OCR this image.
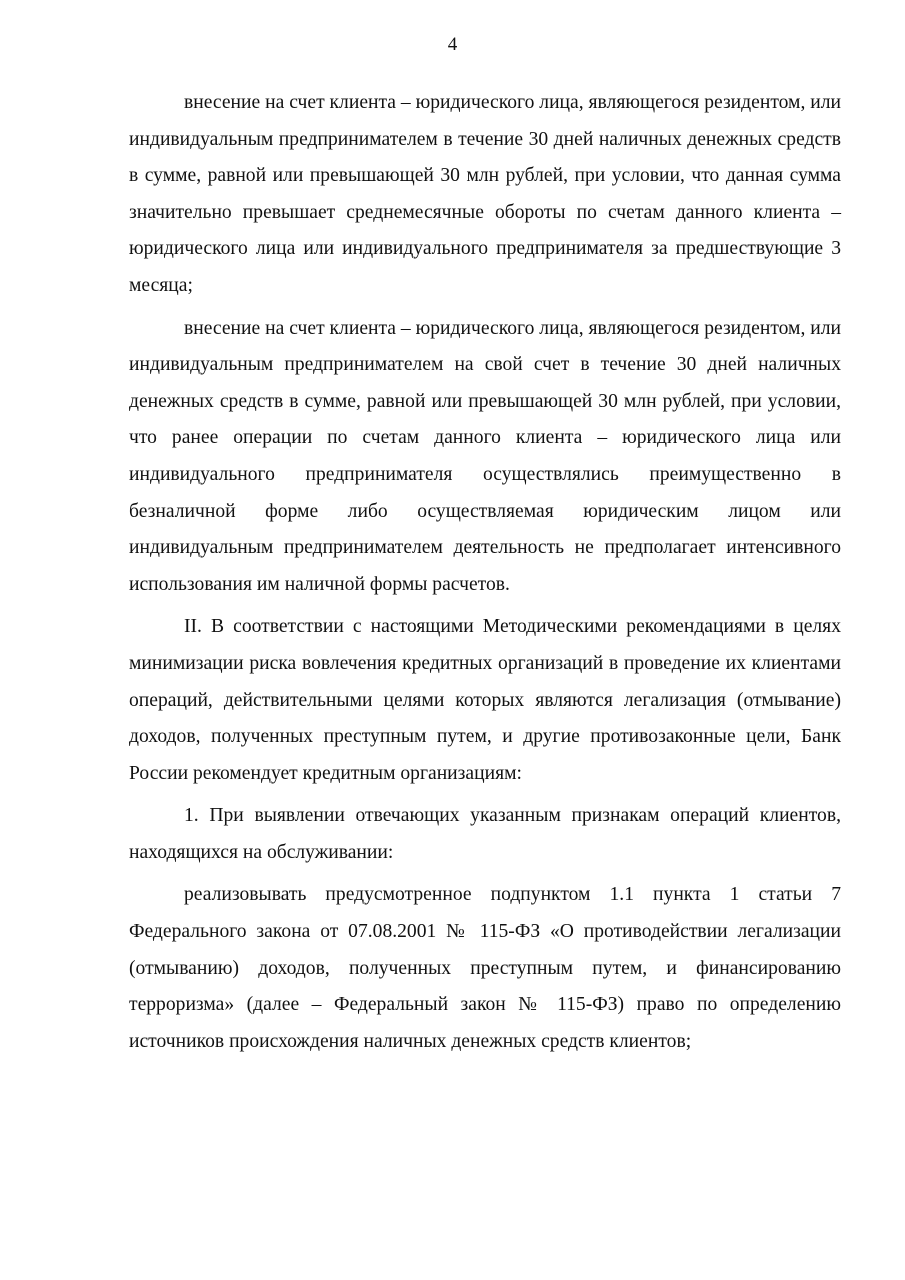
4

внесение на счет клиента – юридического лица, являющегося резидентом, или индивидуальным предпринимателем в течение 30 дней наличных денежных средств в сумме, равной или превышающей 30 млн рублей, при условии, что данная сумма значительно превышает среднемесячные обороты по счетам данного клиента – юридического лица или индивидуального предпринимателя за предшествующие 3 месяца;

внесение на счет клиента – юридического лица, являющегося резидентом, или индивидуальным предпринимателем на свой счет в течение 30 дней наличных денежных средств в сумме, равной или превышающей 30 млн рублей, при условии, что ранее операции по счетам данного клиента – юридического лица или индивидуального предпринимателя осуществлялись преимущественно в безналичной форме либо осуществляемая юридическим лицом или индивидуальным предпринимателем деятельность не предполагает интенсивного использования им наличной формы расчетов.

II. В соответствии с настоящими Методическими рекомендациями в целях минимизации риска вовлечения кредитных организаций в проведение их клиентами операций, действительными целями которых являются легализация (отмывание) доходов, полученных преступным путем, и другие противозаконные цели, Банк России рекомендует кредитным организациям:

1. При выявлении отвечающих указанным признакам операций клиентов, находящихся на обслуживании:

реализовывать предусмотренное подпунктом 1.1 пункта 1 статьи 7 Федерального закона от 07.08.2001 № 115-ФЗ «О противодействии легализации (отмыванию) доходов, полученных преступным путем, и финансированию терроризма» (далее – Федеральный закон № 115-ФЗ) право по определению источников происхождения наличных денежных средств клиентов;
